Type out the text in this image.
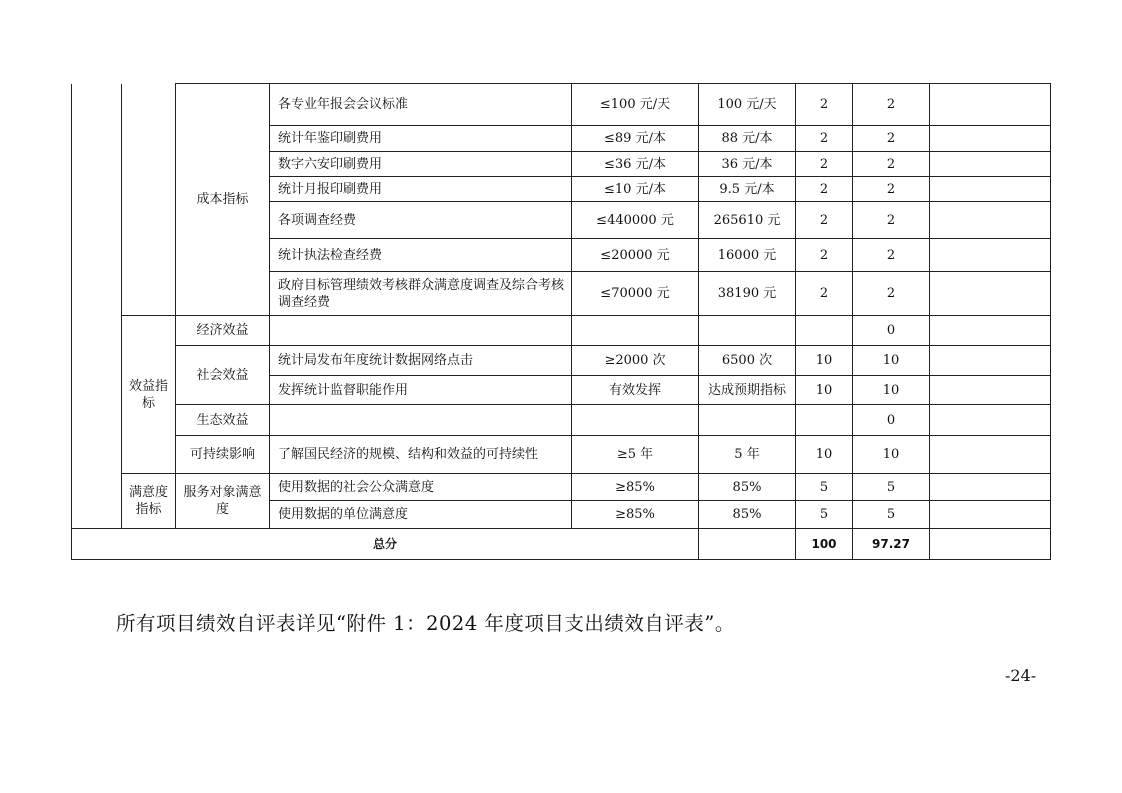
		成本指标	各专业年报会会议标准	≤100 元/天	100 元/天	2	2	
			统计年鉴印刷费用	≤89 元/本	88 元/本	2	2	
			数字六安印刷费用	≤36 元/本	36 元/本	2	2	
			统计月报印刷费用	≤10 元/本	9.5 元/本	2	2	
			各项调查经费	≤440000 元	265610 元	2	2	
			统计执法检查经费	≤20000 元	16000 元	2	2	
			政府目标管理绩效考核群众满意度调查及综合考核调查经费	≤70000 元	38190 元	2	2	
	效益指标	经济效益					0	
		社会效益	统计局发布年度统计数据网络点击	≥2000 次	6500 次	10	10	
			发挥统计监督职能作用	有效发挥	达成预期指标	10	10	
		生态效益					0	
		可持续影响	了解国民经济的规模、结构和效益的可持续性	≥5 年	5 年	10	10	
	满意度指标	服务对象满意度	使用数据的社会公众满意度	≥85%	85%	5	5	
			使用数据的单位满意度	≥85%	85%	5	5	
总分						100	97.27	
所有项目绩效自评表详见“附件 1：2024 年度项目支出绩效自评表”。
-24-
